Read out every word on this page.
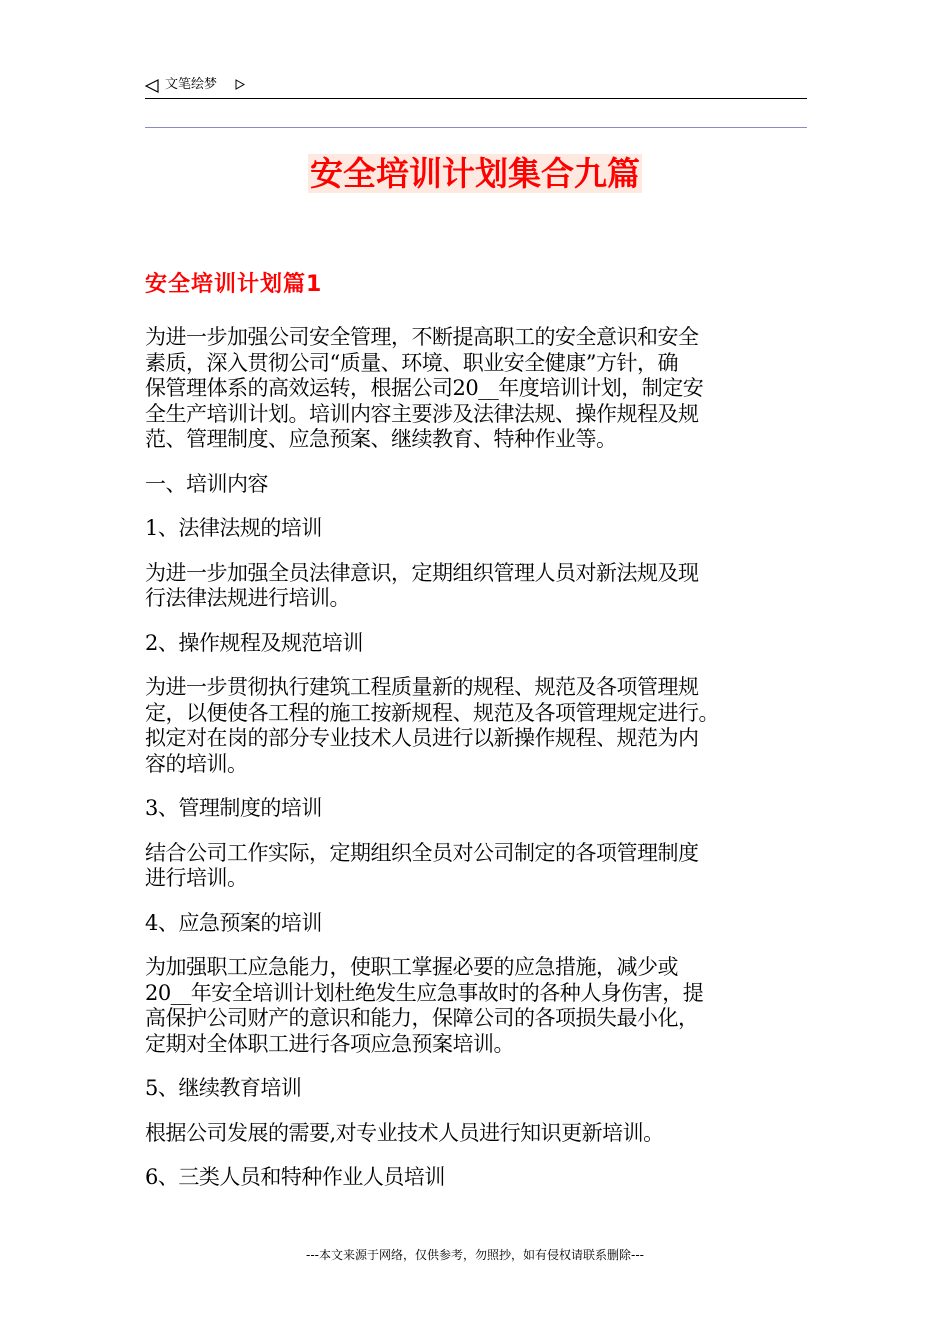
文笔绘梦
安全培训计划集合九篇
安全培训计划篇1

为进一步加强公司安全管理，不断提高职工的安全意识和安全
素质，深入贯彻公司“质量、环境、职业安全健康”方针，确
保管理体系的高效运转，根据公司20__年度培训计划，制定安
全生产培训计划。培训内容主要涉及法律法规、操作规程及规
范、管理制度、应急预案、继续教育、特种作业等。

一、培训内容

1、法律法规的培训

为进一步加强全员法律意识，定期组织管理人员对新法规及现
行法律法规进行培训。

2、操作规程及规范培训

为进一步贯彻执行建筑工程质量新的规程、规范及各项管理规
定，以便使各工程的施工按新规程、规范及各项管理规定进行。
拟定对在岗的部分专业技术人员进行以新操作规程、规范为内
容的培训。

3、管理制度的培训

结合公司工作实际，定期组织全员对公司制定的各项管理制度
进行培训。

4、应急预案的培训

为加强职工应急能力，使职工掌握必要的应急措施，减少或
20__年安全培训计划杜绝发生应急事故时的各种人身伤害，提
高保护公司财产的意识和能力，保障公司的各项损失最小化，
定期对全体职工进行各项应急预案培训。

5、继续教育培训

根据公司发展的需要,对专业技术人员进行知识更新培训。

6、三类人员和特种作业人员培训

---本文来源于网络，仅供参考，勿照抄，如有侵权请联系删除---
